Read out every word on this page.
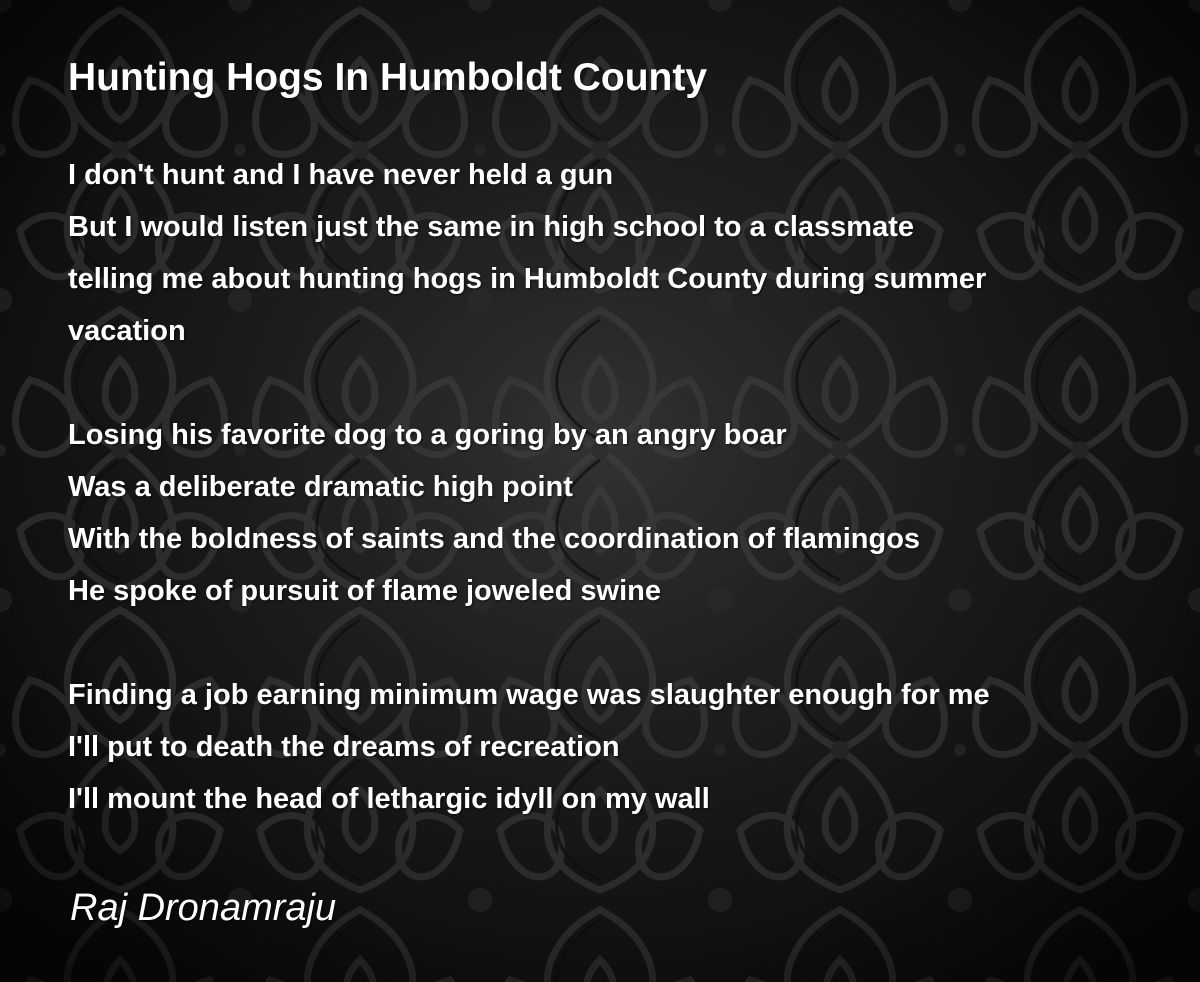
Hunting Hogs In Humboldt County

I don't hunt and I have never held a gun

But I would listen just the same in high school to a classmate

telling me about hunting hogs in Humboldt County during summer

vacation

Losing his favorite dog to a goring by an angry boar

Was a deliberate dramatic high point

With the boldness of saints and the coordination of flamingos

He spoke of pursuit of flame joweled swine

Finding a job earning minimum wage was slaughter enough for me

I'll put to death the dreams of recreation

I'll mount the head of lethargic idyll on my wall

Raj Dronamraju
